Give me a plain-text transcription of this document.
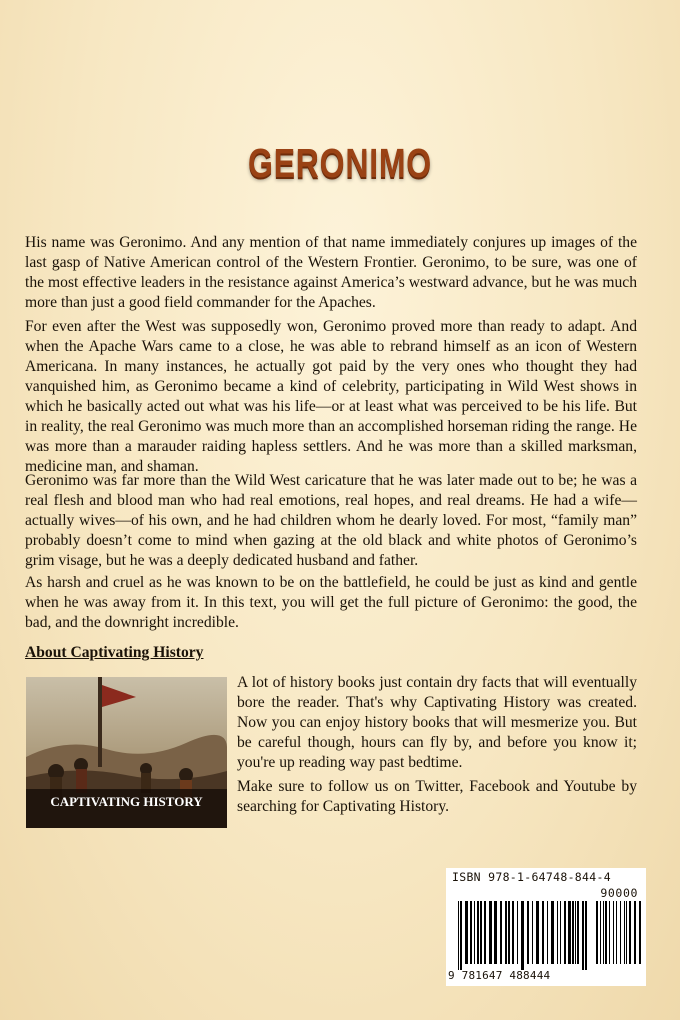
GERONIMO

His name was Geronimo. And any mention of that name immediately conjures up images of the last gasp of Native American control of the Western Frontier. Geronimo, to be sure, was one of the most effective leaders in the resistance against America’s westward advance, but he was much more than just a good field commander for the Apaches.

For even after the West was supposedly won, Geronimo proved more than ready to adapt. And when the Apache Wars came to a close, he was able to rebrand himself as an icon of Western Americana. In many instances, he actually got paid by the very ones who thought they had vanquished him, as Geronimo became a kind of celebrity, participating in Wild West shows in which he basically acted out what was his life—or at least what was perceived to be his life. But in reality, the real Geronimo was much more than an accomplished horseman riding the range. He was more than a marauder raiding hapless settlers. And he was more than a skilled marksman, medicine man, and shaman.

Geronimo was far more than the Wild West caricature that he was later made out to be; he was a real flesh and blood man who had real emotions, real hopes, and real dreams. He had a wife—actually wives—of his own, and he had children whom he dearly loved. For most, “family man” probably doesn’t come to mind when gazing at the old black and white photos of Geronimo’s grim visage, but he was a deeply dedicated husband and father.

As harsh and cruel as he was known to be on the battlefield, he could be just as kind and gentle when he was away from it. In this text, you will get the full picture of Geronimo: the good, the bad, and the downright incredible.

About Captivating History
CAPTIVATING HISTORY

A lot of history books just contain dry facts that will eventually bore the reader. That's why Captivating History was created. Now you can enjoy history books that will mesmerize you. But be careful though, hours can fly by, and before you know it; you're up reading way past bedtime.

Make sure to follow us on Twitter, Facebook and Youtube by searching for Captivating History.

ISBN 978-1-64748-844-4
90000
9 781647 488444
